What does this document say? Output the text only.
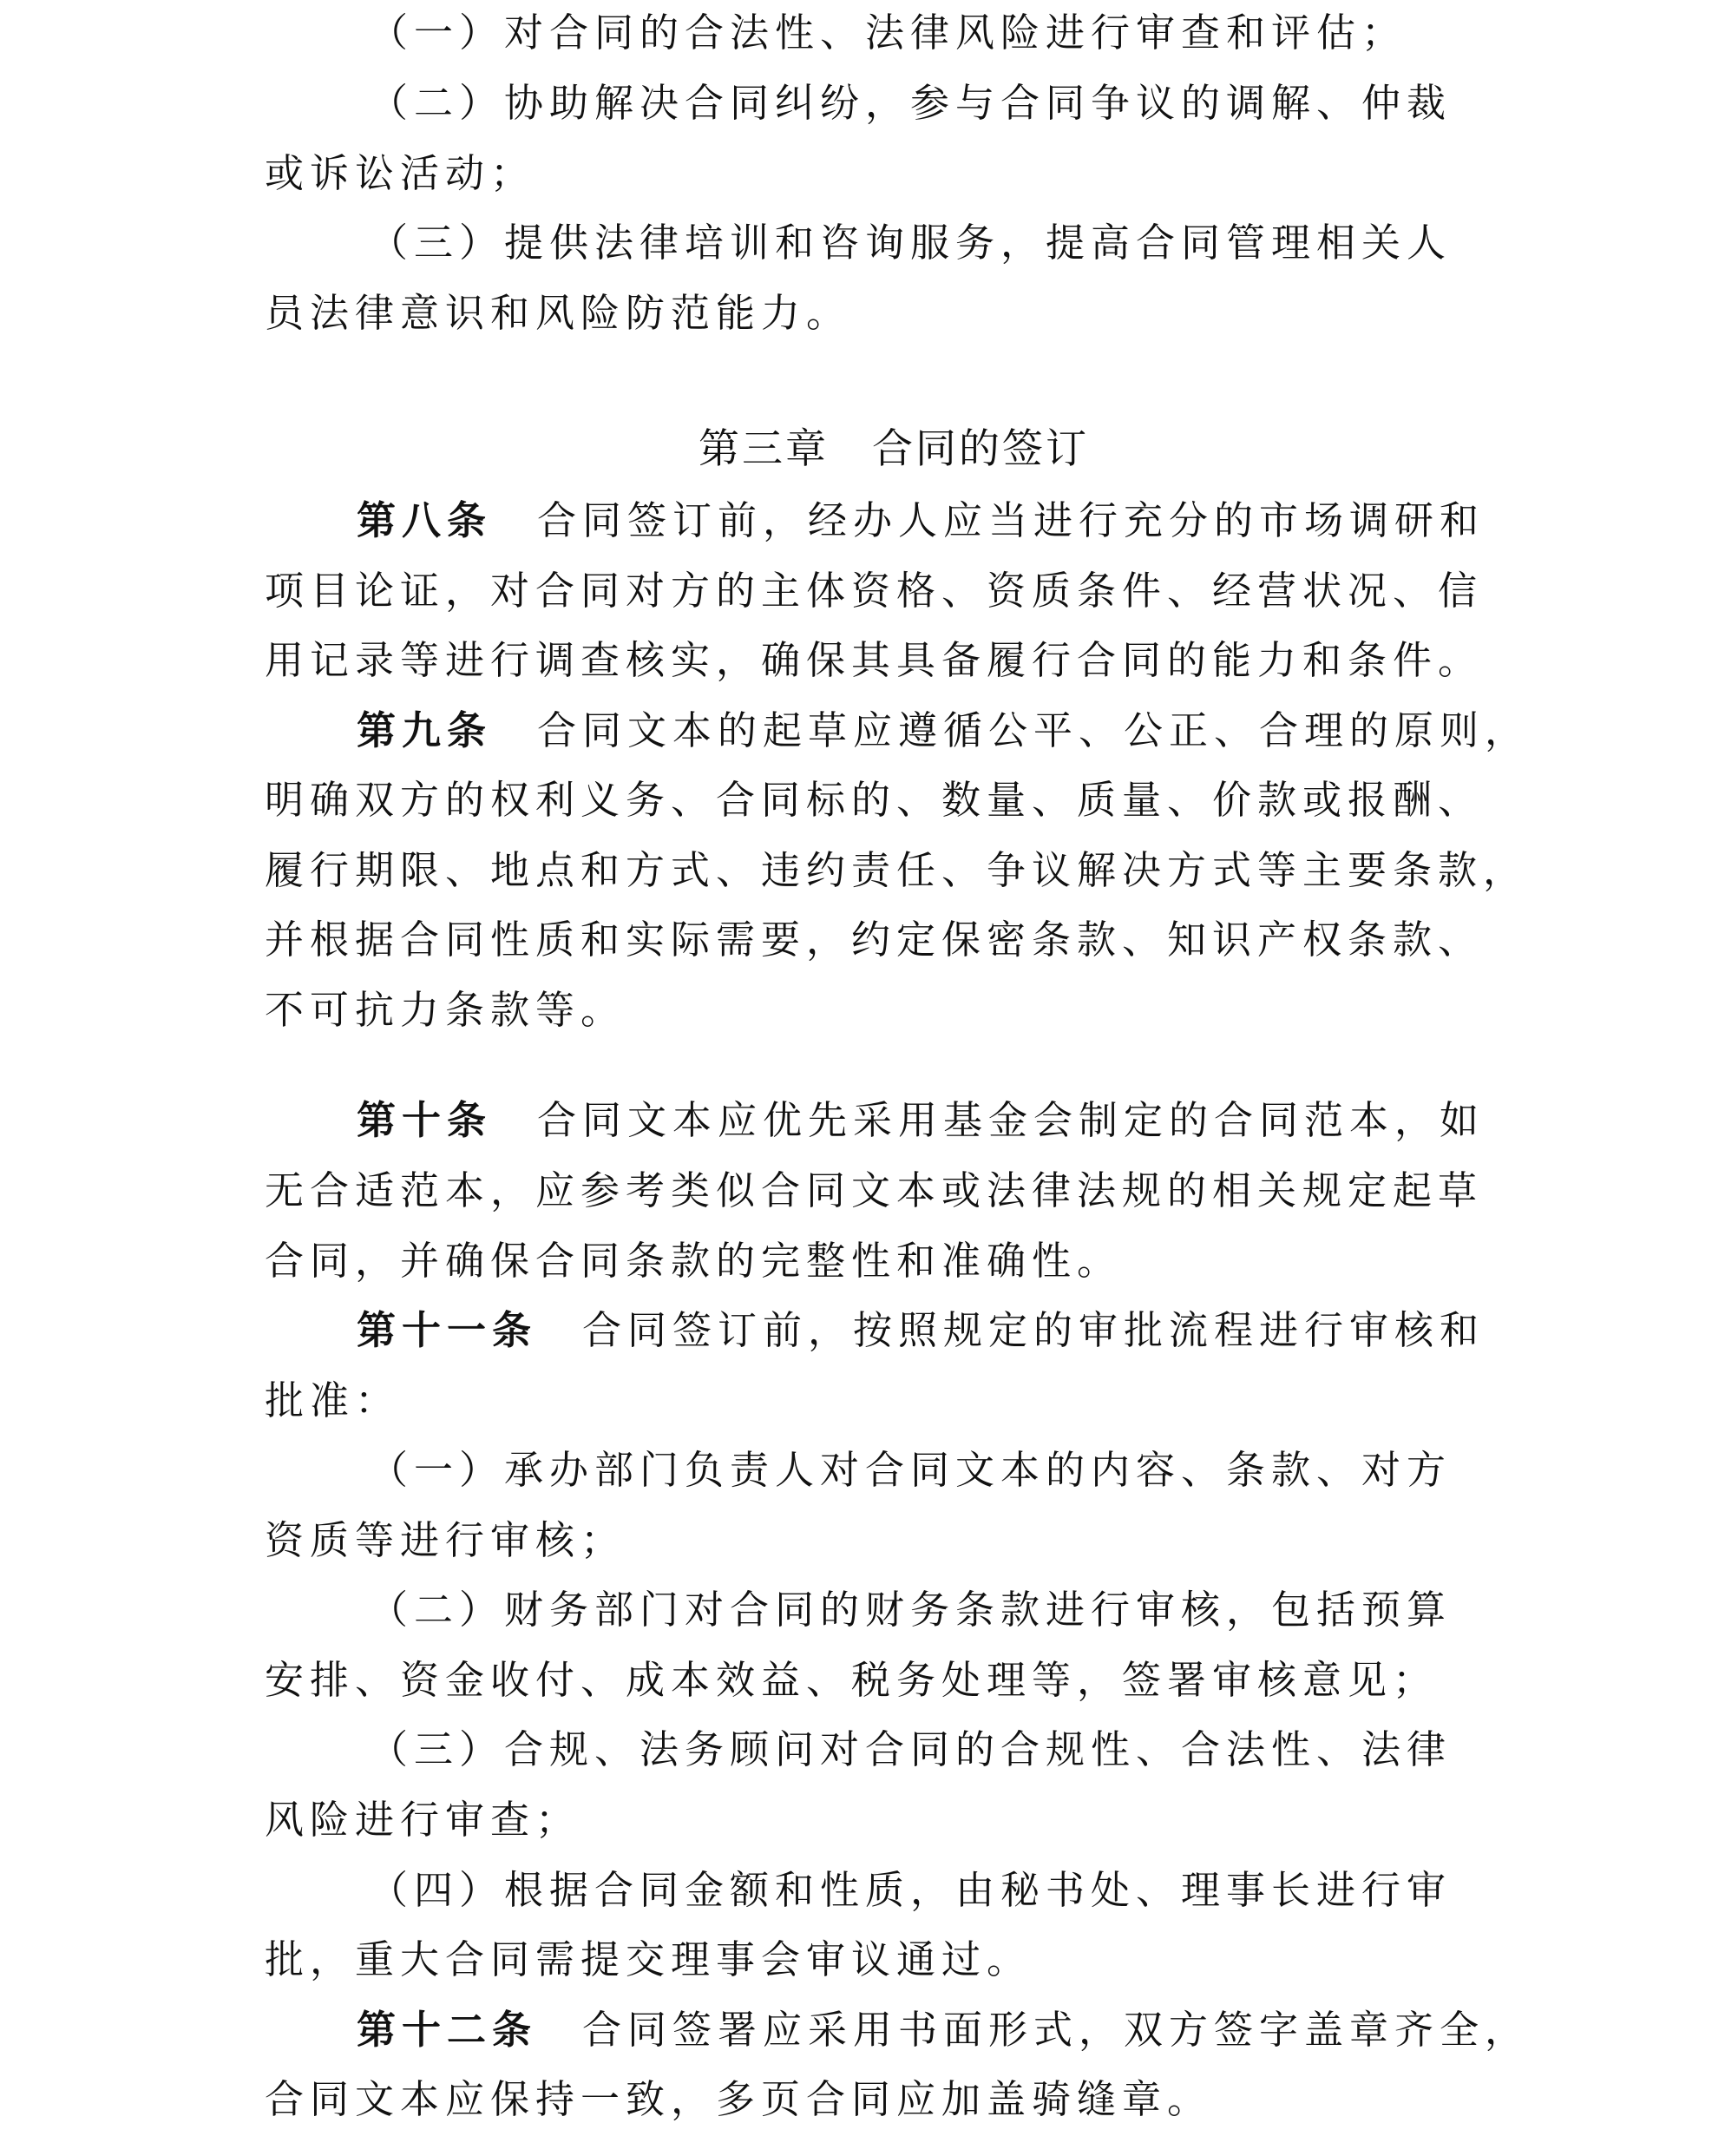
（一）对合同的合法性、法律风险进行审查和评估；
（二）协助解决合同纠纷，参与合同争议的调解、仲裁
或诉讼活动；
（三）提供法律培训和咨询服务，提高合同管理相关人
员法律意识和风险防范能力。
第三章　合同的签订
第八条　 合同签订前，经办人应当进行充分的市场调研和
项目论证，对合同对方的主体资格、资质条件、经营状况、信
用记录等进行调查核实，确保其具备履行合同的能力和条件。
第九条　 合同文本的起草应遵循公平、公正、合理的原则，
明确双方的权利义务、合同标的、数量、质量、价款或报酬、
履行期限、地点和方式、违约责任、争议解决方式等主要条款，
并根据合同性质和实际需要，约定保密条款、知识产权条款、
不可抗力条款等。
第十条　 合同文本应优先采用基金会制定的合同范本，如
无合适范本，应参考类似合同文本或法律法规的相关规定起草
合同，并确保合同条款的完整性和准确性。
第十一条　 合同签订前，按照规定的审批流程进行审核和
批准：
（一）承办部门负责人对合同文本的内容、条款、对方
资质等进行审核；
（二）财务部门对合同的财务条款进行审核，包括预算
安排、资金收付、成本效益、税务处理等，签署审核意见；
（三）合规、法务顾问对合同的合规性、合法性、法律
风险进行审查；
（四）根据合同金额和性质，由秘书处、理事长进行审
批，重大合同需提交理事会审议通过。
第十二条　 合同签署应采用书面形式，双方签字盖章齐全，
合同文本应保持一致，多页合同应加盖骑缝章。
